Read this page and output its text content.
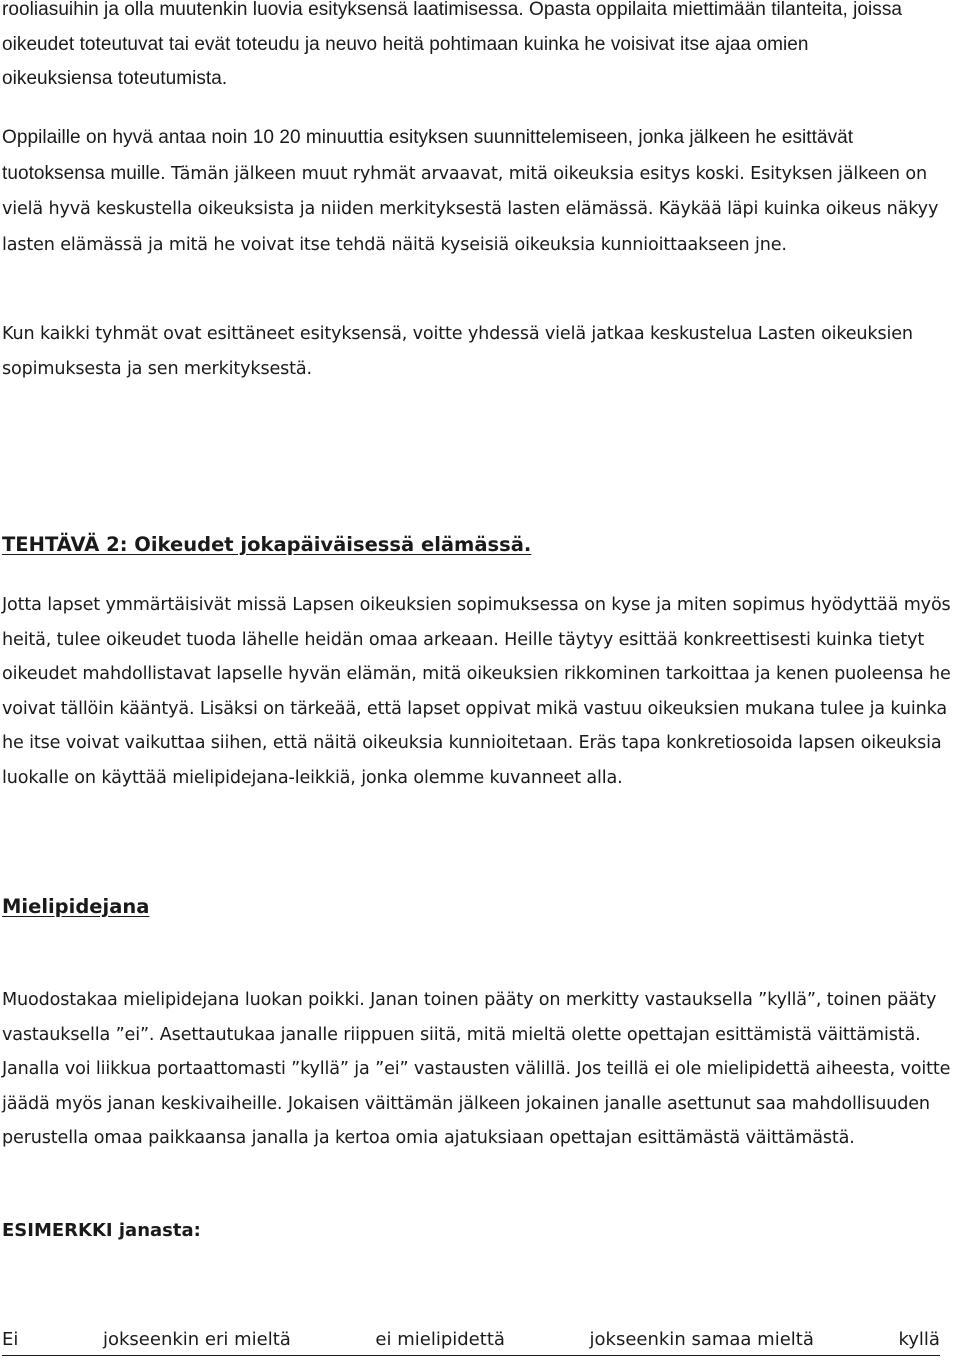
rooliasuihin ja olla muutenkin luovia esityksensä laatimisessa. Opasta oppilaita miettimään tilanteita, joissa oikeudet toteutuvat tai evät toteudu ja neuvo heitä pohtimaan kuinka he voisivat itse ajaa omien oikeuksiensa toteutumista.

Oppilaille on hyvä antaa noin 10 20 minuuttia esityksen suunnittelemiseen, jonka jälkeen he esittävät tuotoksensa muille. Tämän jälkeen muut ryhmät arvaavat, mitä oikeuksia esitys koski. Esityksen jälkeen on vielä hyvä keskustella oikeuksista ja niiden merkityksestä lasten elämässä. Käykää läpi kuinka oikeus näkyy lasten elämässä ja mitä he voivat itse tehdä näitä kyseisiä oikeuksia kunnioittaakseen jne.

Kun kaikki tyhmät ovat esittäneet esityksensä, voitte yhdessä vielä jatkaa keskustelua Lasten oikeuksien sopimuksesta ja sen merkityksestä.

TEHTÄVÄ 2: Oikeudet jokapäiväisessä elämässä.

Jotta lapset ymmärtäisivät missä Lapsen oikeuksien sopimuksessa on kyse ja miten sopimus hyödyttää myös heitä, tulee oikeudet tuoda lähelle heidän omaa arkeaan. Heille täytyy esittää konkreettisesti kuinka tietyt oikeudet mahdollistavat lapselle hyvän elämän, mitä oikeuksien rikkominen tarkoittaa ja kenen puoleensa he voivat tällöin kääntyä. Lisäksi on tärkeää, että lapset oppivat mikä vastuu oikeuksien mukana tulee ja kuinka he itse voivat vaikuttaa siihen, että näitä oikeuksia kunnioitetaan. Eräs tapa konkretiosoida lapsen oikeuksia luokalle on käyttää mielipidejana-leikkiä, jonka olemme kuvanneet alla.

Mielipidejana

Muodostakaa mielipidejana luokan poikki. Janan toinen pääty on merkitty vastauksella ”kyllä”, toinen pääty vastauksella ”ei”. Asettautukaa janalle riippuen siitä, mitä mieltä olette opettajan esittämistä väittämistä. Janalla voi liikkua portaattomasti ”kyllä” ja ”ei” vastausten välillä. Jos teillä ei ole mielipidettä aiheesta, voitte jäädä myös janan keskivaiheille. Jokaisen väittämän jälkeen jokainen janalle asettunut saa mahdollisuuden perustella omaa paikkaansa janalla ja kertoa omia ajatuksiaan opettajan esittämästä väittämästä.

ESIMERKKI janasta:
Ei	jokseenkin eri mieltä	ei mielipidettä	jokseenkin samaa mieltä	kyllä
